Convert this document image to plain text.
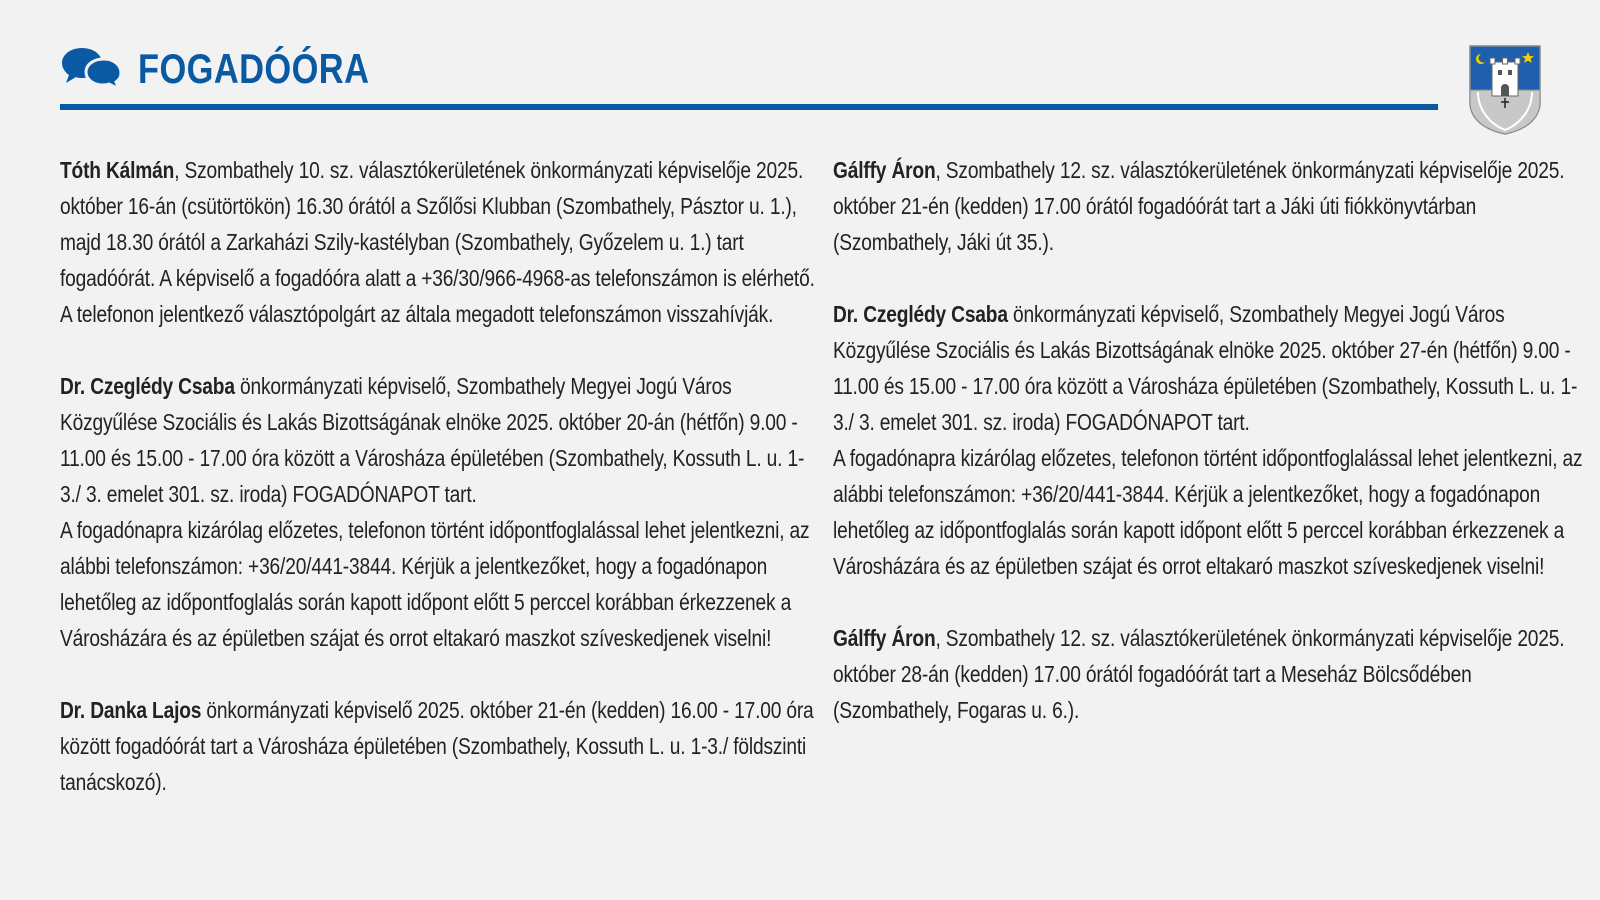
FOGADÓÓRA

Tóth Kálmán, Szombathely 10. sz. választókerületének önkormányzati képviselője 2025. október 16-án (csütörtökön) 16.30 órától a Szőlősi Klubban (Szombathely, Pásztor u. 1.), majd 18.30 órától a Zarkaházi Szily-kastélyban (Szombathely, Győzelem u. 1.) tart fogadóórát. A képviselő a fogadóóra alatt a +36/30/966-4968-as telefonszámon is elérhető. A telefonon jelentkező választópolgárt az általa megadott telefonszámon visszahívják.

Dr. Czeglédy Csaba önkormányzati képviselő, Szombathely Megyei Jogú Város Közgyűlése Szociális és Lakás Bizottságának elnöke 2025. október 20-án (hétfőn) 9.00 - 11.00 és 15.00 - 17.00 óra között a Városháza épületében (Szombathely, Kossuth L. u. 1-3./ 3. emelet 301. sz. iroda) FOGADÓNAPOT tart.

A fogadónapra kizárólag előzetes, telefonon történt időpontfoglalással lehet jelentkezni, az alábbi telefonszámon: +36/20/441-3844. Kérjük a jelentkezőket, hogy a fogadónapon lehetőleg az időpontfoglalás során kapott időpont előtt 5 perccel korábban érkezzenek a Városházára és az épületben szájat és orrot eltakaró maszkot szíveskedjenek viselni!

Dr. Danka Lajos önkormányzati képviselő 2025. október 21-én (kedden) 16.00 - 17.00 óra között fogadóórát tart a Városháza épületében (Szombathely, Kossuth L. u. 1-3./ földszinti tanácskozó).

Gálffy Áron, Szombathely 12. sz. választókerületének önkormányzati képviselője 2025. október 21-én (kedden) 17.00 órától fogadóórát tart a Jáki úti fiókkönyvtárban (Szombathely, Jáki út 35.).

Dr. Czeglédy Csaba önkormányzati képviselő, Szombathely Megyei Jogú Város Közgyűlése Szociális és Lakás Bizottságának elnöke 2025. október 27-én (hétfőn) 9.00 - 11.00 és 15.00 - 17.00 óra között a Városháza épületében (Szombathely, Kossuth L. u. 1-3./ 3. emelet 301. sz. iroda) FOGADÓNAPOT tart.

A fogadónapra kizárólag előzetes, telefonon történt időpontfoglalással lehet jelentkezni, az alábbi telefonszámon: +36/20/441-3844. Kérjük a jelentkezőket, hogy a fogadónapon lehetőleg az időpontfoglalás során kapott időpont előtt 5 perccel korábban érkezzenek a Városházára és az épületben szájat és orrot eltakaró maszkot szíveskedjenek viselni!

Gálffy Áron, Szombathely 12. sz. választókerületének önkormányzati képviselője 2025. október 28-án (kedden) 17.00 órától fogadóórát tart a Meseház Bölcsődében (Szombathely, Fogaras u. 6.).
